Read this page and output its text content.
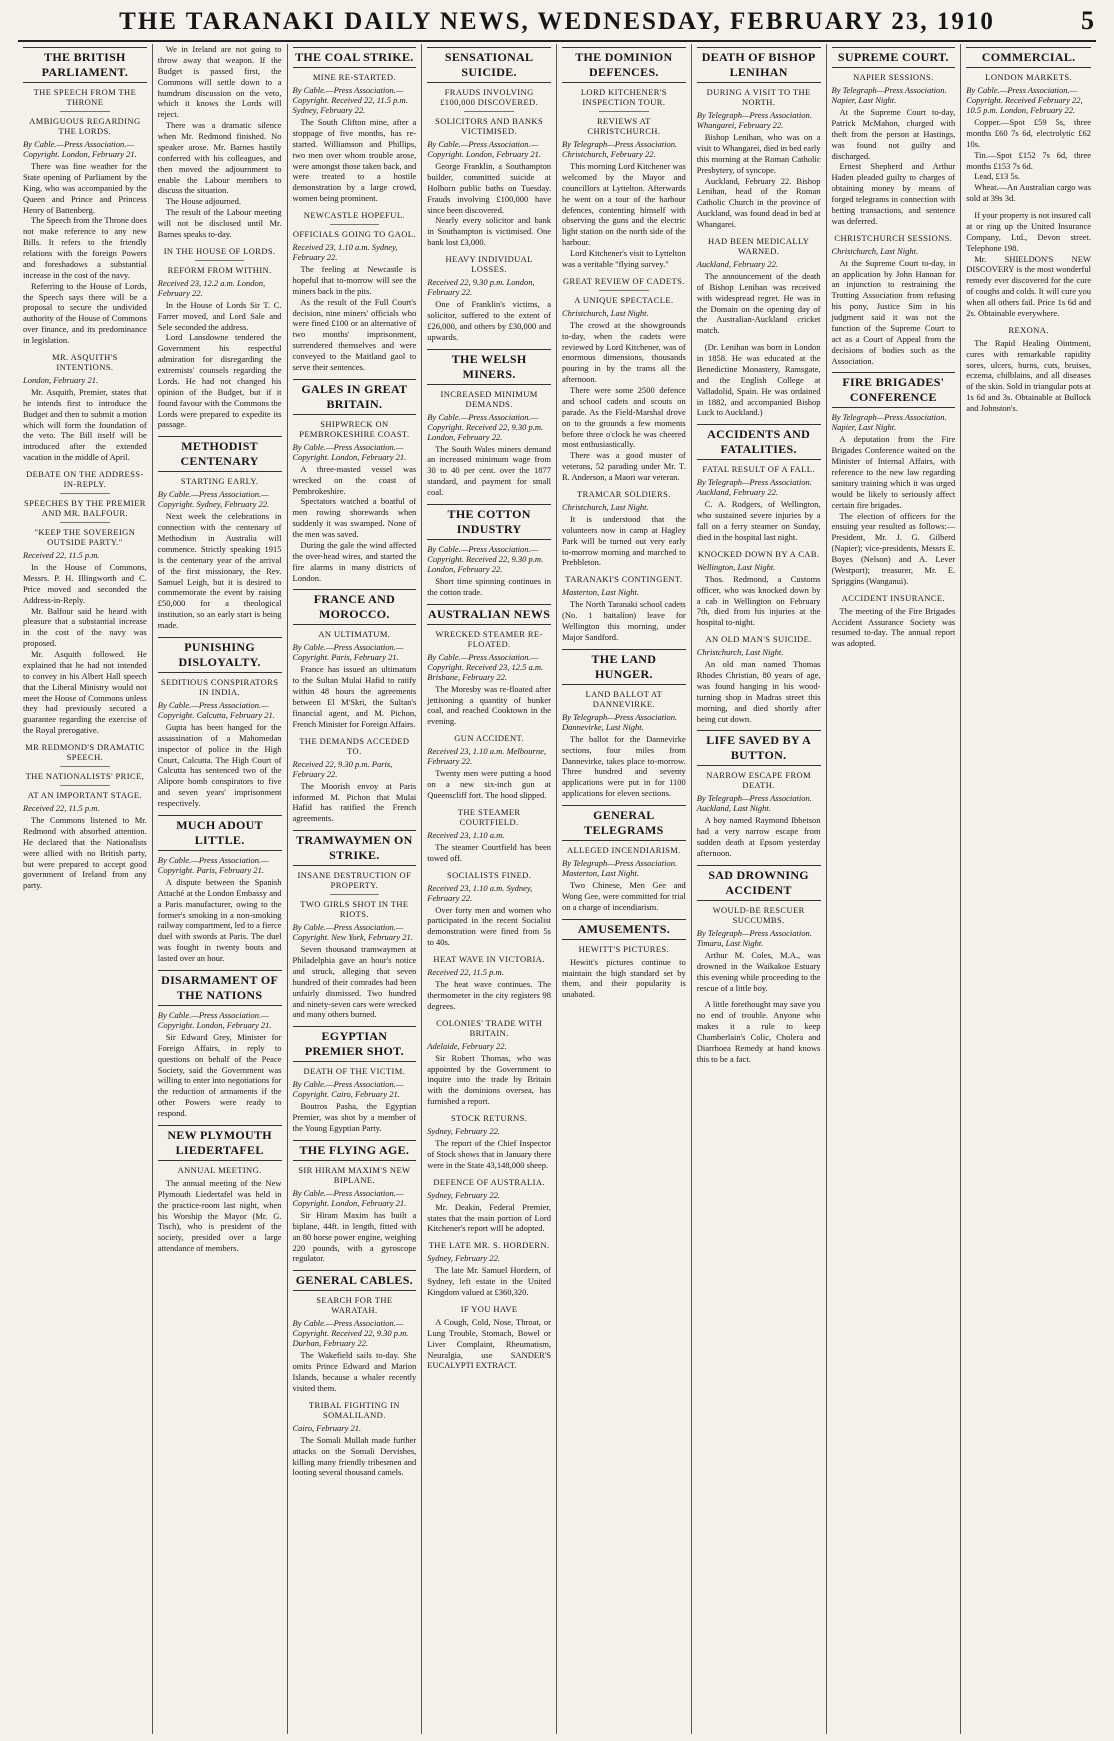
THE TARANAKI DAILY NEWS, WEDNESDAY, FEBRUARY 23, 1910	5
THE BRITISH PARLIAMENT.
THE SPEECH FROM THE THRONE
AMBIGUOUS REGARDING THE LORDS.
By Cable.—Press Association.—Copyright. London, February 21.

There was fine weather for the State opening of Parliament by the King, who was accompanied by the Queen and Prince and Princess Henry of Battenberg.

The Speech from the Throne does not make reference to any new Bills. It refers to the friendly relations with the foreign Powers and foreshadows a substantial increase in the cost of the navy.

Referring to the House of Lords, the Speech says there will be a proposal to secure the undivided authority of the House of Commons over finance, and its predominance in legislation.

MR. ASQUITH'S INTENTIONS.
London, February 21.

Mr. Asquith, Premier, states that he intends first to introduce the Budget and then to submit a motion which will form the foundation of the veto. The Bill itself will be introduced after the extended vacation in the middle of April.

DEBATE ON THE ADDRESS-IN-REPLY.
SPEECHES BY THE PREMIER AND MR. BALFOUR.
"KEEP THE SOVEREIGN OUTSIDE PARTY."
Received 22, 11.5 p.m.

In the House of Commons, Messrs. P. H. Illingworth and C. Price moved and seconded the Address-in-Reply.

Mr. Balfour said he heard with pleasure that a substantial increase in the cost of the navy was proposed.

Mr. Asquith followed. He explained that he had not intended to convey in his Albert Hall speech that the Liberal Ministry would not meet the House of Commons unless they had previously secured a guarantee regarding the exercise of the Royal prerogative.

MR REDMOND'S DRAMATIC SPEECH.
THE NATIONALISTS' PRICE,
AT AN IMPORTANT STAGE.
Received 22, 11.5 p.m.

The Commons listened to Mr. Redmond with absorbed attention. He declared that the Nationalists were allied with no British party, but were prepared to accept good government of Ireland from any party.

We in Ireland are not going to throw away that weapon. If the Budget is passed first, the Commons will settle down to a humdrum discussion on the veto, which it knows the Lords will reject.

There was a dramatic silence when Mr. Redmond finished. No speaker arose. Mr. Barnes hastily conferred with his colleagues, and then moved the adjournment to enable the Labour members to discuss the situation.

The House adjourned.

The result of the Labour meeting will not be disclosed until Mr. Barnes speaks to-day.

IN THE HOUSE OF LORDS.
REFORM FROM WITHIN.
Received 23, 12.2 a.m. London, February 22.

In the House of Lords Sir T. C. Farrer moved, and Lord Sale and Sele seconded the address.

Lord Lansdowne tendered the Government his respectful admiration for disregarding the extremists' counsels regarding the Lords. He had not changed his opinion of the Budget, but if it found favour with the Commons the Lords were prepared to expedite its passage.

METHODIST CENTENARY
STARTING EARLY.
By Cable.—Press Association.—Copyright. Sydney, February 22.

Next week the celebrations in connection with the centenary of Methodism in Australia will commence. Strictly speaking 1915 is the centenary year of the arrival of the first missionary, the Rev. Samuel Leigh, but it is desired to commemorate the event by raising £50,000 for a theological institution, so an early start is being made.

PUNISHING DISLOYALTY.
SEDITIOUS CONSPIRATORS IN INDIA.
By Cable.—Press Association.—Copyright. Calcutta, February 21.

Gupta has been hanged for the assassination of a Mahomedan inspector of police in the High Court, Calcutta. The High Court of Calcutta has sentenced two of the Alipore bomb conspirators to five and seven years' imprisonment respectively.

MUCH ADOUT LITTLE.
By Cable.—Press Association.—Copyright. Paris, February 21.

A dispute between the Spanish Attaché at the London Embassy and a Paris manufacturer, owing to the former's smoking in a non-smoking railway compartment, led to a fierce duel with swords at Paris. The duel was fought in twenty bouts and lasted over an hour.

DISARMAMENT OF THE NATIONS
By Cable.—Press Association.—Copyright. London, February 21.

Sir Edward Grey, Minister for Foreign Affairs, in reply to questions on behalf of the Peace Society, said the Government was willing to enter into negotiations for the reduction of armaments if the other Powers were ready to respond.

NEW PLYMOUTH LIEDERTAFEL
ANNUAL MEETING.

The annual meeting of the New Plymouth Liedertafel was held in the practice-room last night, when his Worship the Mayor (Mr. G. Tisch), who is president of the society, presided over a large attendance of members.

THE COAL STRIKE.
MINE RE-STARTED.
By Cable.—Press Association.—Copyright. Received 22, 11.5 p.m. Sydney, February 22.

The South Clifton mine, after a stoppage of five months, has re-started. Williamson and Phillips, two men over whom trouble arose, were amongst those taken back, and were treated to a hostile demonstration by a large crowd, women being prominent.

NEWCASTLE HOPEFUL.
OFFICIALS GOING TO GAOL.
Received 23, 1.10 a.m. Sydney, February 22.

The feeling at Newcastle is hopeful that to-morrow will see the miners back in the pits.

As the result of the Full Court's decision, nine miners' officials who were fined £100 or an alternative of two months' imprisonment, surrendered themselves and were conveyed to the Maitland gaol to serve their sentences.

GALES IN GREAT BRITAIN.
SHIPWRECK ON PEMBROKESHIRE COAST.
By Cable.—Press Association.—Copyright. London, February 21.

A three-masted vessel was wrecked on the coast of Pembrokeshire.

Spectators watched a boatful of men rowing shorewards when suddenly it was swamped. None of the men was saved.

During the gale the wind affected the over-head wires, and started the fire alarms in many districts of London.

FRANCE AND MOROCCO.
AN ULTIMATUM.
By Cable.—Press Association.—Copyright. Paris, February 21.

France has issued an ultimatum to the Sultan Mulai Hafid to ratify within 48 hours the agreements between El M'Skri, the Sultan's financial agent, and M. Pichon, French Minister for Foreign Affairs.

THE DEMANDS ACCEDED TO.
Received 22, 9.30 p.m. Paris, February 22.

The Moorish envoy at Paris informed M. Pichon that Mulai Hafid has ratified the French agreements.

TRAMWAYMEN ON STRIKE.
INSANE DESTRUCTION OF PROPERTY.
TWO GIRLS SHOT IN THE RIOTS.
By Cable.—Press Association.—Copyright. New York, February 21.

Seven thousand tramwaymen at Philadelphia gave an hour's notice and struck, alleging that seven hundred of their comrades had been unfairly dismissed. Two hundred and ninety-seven cars were wrecked and many others burned.

EGYPTIAN PREMIER SHOT.
DEATH OF THE VICTIM.
By Cable.—Press Association.—Copyright. Cairo, February 21.

Boutros Pasha, the Egyptian Premier, was shot by a member of the Young Egyptian Party.

THE FLYING AGE.
SIR HIRAM MAXIM'S NEW BIPLANE.
By Cable.—Press Association.—Copyright. London, February 21.

Sir Hiram Maxim has built a biplane, 44ft. in length, fitted with an 80 horse power engine, weighing 220 pounds, with a gyroscope regulator.

GENERAL CABLES.
SEARCH FOR THE WARATAH.
By Cable.—Press Association.—Copyright. Received 22, 9.30 p.m. Durban, February 22.

The Wakefield sails to-day. She omits Prince Edward and Marion Islands, because a whaler recently visited them.

TRIBAL FIGHTING IN SOMALILAND.
Cairo, February 21.

The Somali Mullah made further attacks on the Somali Dervishes, killing many friendly tribesmen and looting several thousand camels.

SENSATIONAL SUICIDE.
FRAUDS INVOLVING £100,000 DISCOVERED.
SOLICITORS AND BANKS VICTIMISED.
By Cable.—Press Association.—Copyright. London, February 21.

George Franklin, a Southampton builder, committed suicide at Holborn public baths on Tuesday. Frauds involving £100,000 have since been discovered.

Nearly every solicitor and bank in Southampton is victimised. One bank lost £3,000.

HEAVY INDIVIDUAL LOSSES.
Received 22, 9.30 p.m. London, February 22.

One of Franklin's victims, a solicitor, suffered to the extent of £26,000, and others by £30,000 and upwards.

THE WELSH MINERS.
INCREASED MINIMUM DEMANDS.
By Cable.—Press Association.—Copyright. Received 22, 9.30 p.m. London, February 22.

The South Wales miners demand an increased minimum wage from 30 to 40 per cent. over the 1877 standard, and payment for small coal.

THE COTTON INDUSTRY
By Cable.—Press Association.—Copyright. Received 22, 9.30 p.m. London, February 22.

Short time spinning continues in the cotton trade.

AUSTRALIAN NEWS
WRECKED STEAMER RE-FLOATED.
By Cable.—Press Association.—Copyright. Received 23, 12.5 a.m. Brisbane, February 22.

The Moresby was re-floated after jettisoning a quantity of bunker coal, and reached Cooktown in the evening.

GUN ACCIDENT.
Received 23, 1.10 a.m. Melbourne, February 22.

Twenty men were putting a hood on a new six-inch gun at Queenscliff fort. The hood slipped.

THE STEAMER COURTFIELD.
Received 23, 1.10 a.m.

The steamer Courtfield has been towed off.

SOCIALISTS FINED.
Received 23, 1.10 a.m. Sydney, February 22.

Over forty men and women who participated in the recent Socialist demonstration were fined from 5s to 40s.

HEAT WAVE IN VICTORIA.
Received 22, 11.5 p.m.

The heat wave continues. The thermometer in the city registers 98 degrees.

COLONIES' TRADE WITH BRITAIN.
Adelaide, February 22.

Sir Robert Thomas, who was appointed by the Government to inquire into the trade by Britain with the dominions oversea, has furnished a report.

STOCK RETURNS.
Sydney, February 22.

The report of the Chief Inspector of Stock shows that in January there were in the State 43,148,000 sheep.

DEFENCE OF AUSTRALIA.
Sydney, February 22.

Mr. Deakin, Federal Premier, states that the main portion of Lord Kitchener's report will be adopted.

THE LATE MR. S. HORDERN.
Sydney, February 22.

The late Mr. Samuel Hordern, of Sydney, left estate in the United Kingdom valued at £360,320.

IF YOU HAVE

A Cough, Cold, Nose, Throat, or Lung Trouble, Stomach, Bowel or Liver Complaint, Rheumatism, Neuralgia, use SANDER'S EUCALYPTI EXTRACT.

THE DOMINION DEFENCES.
LORD KITCHENER'S INSPECTION TOUR.
REVIEWS AT CHRISTCHURCH.
By Telegraph—Press Association. Christchurch, February 22.

This morning Lord Kitchener was welcomed by the Mayor and councillors at Lyttelton. Afterwards he went on a tour of the harbour defences, contenting himself with observing the guns and the electric light station on the north side of the harbour.

Lord Kitchener's visit to Lyttelton was a veritable "flying survey."

GREAT REVIEW OF CADETS.
A UNIQUE SPECTACLE.
Christchurch, Last Night.

The crowd at the showgrounds to-day, when the cadets were reviewed by Lord Kitchener, was of enormous dimensions, thousands pouring in by the trams all the afternoon.

There were some 2500 defence and school cadets and scouts on parade. As the Field-Marshal drove on to the grounds a few moments before three o'clock he was cheered most enthusiastically.

There was a good muster of veterans, 52 parading under Mr. T. R. Anderson, a Maori war veteran.

TRAMCAR SOLDIERS.
Christchurch, Last Night.

It is understood that the volunteers now in camp at Hagley Park will be turned out very early to-morrow morning and marched to Prebbleton.

TARANAKI'S CONTINGENT.
Masterton, Last Night.

The North Taranaki school cadets (No. 1 battalion) leave for Wellington this morning, under Major Sandford.

THE LAND HUNGER.
LAND BALLOT AT DANNEVIRKE.
By Telegraph—Press Association. Dannevirke, Last Night.

The ballot for the Dannevirke sections, four miles from Dannevirke, takes place to-morrow. Three hundred and seventy applications were put in for 1100 applications for eleven sections.

GENERAL TELEGRAMS
ALLEGED INCENDIARISM.
By Telegraph—Press Association. Masterton, Last Night.

Two Chinese, Men Gee and Wong Gee, were committed for trial on a charge of incendiarism.

AMUSEMENTS.
HEWITT'S PICTURES.

Hewitt's pictures continue to maintain the high standard set by them, and their popularity is unabated.

DEATH OF BISHOP LENIHAN
DURING A VISIT TO THE NORTH.
By Telegraph—Press Association. Whangarei, February 22.

Bishop Lenihan, who was on a visit to Whangarei, died in bed early this morning at the Roman Catholic Presbytery, of syncope.

Auckland, February 22. Bishop Lenihan, head of the Roman Catholic Church in the province of Auckland, was found dead in bed at Whangarei.

HAD BEEN MEDICALLY WARNED.
Auckland, February 22.

The announcement of the death of Bishop Lenihan was received with widespread regret. He was in the Domain on the opening day of the Australian-Auckland cricket match.

(Dr. Lenihan was born in London in 1858. He was educated at the Benedictine Monastery, Ramsgate, and the English College at Valladolid, Spain. He was ordained in 1882, and accompanied Bishop Luck to Auckland.)

ACCIDENTS AND FATALITIES.
FATAL RESULT OF A FALL.
By Telegraph—Press Association. Auckland, February 22.

C. A. Rodgers, of Wellington, who sustained severe injuries by a fall on a ferry steamer on Sunday, died in the hospital last night.

KNOCKED DOWN BY A CAB.
Wellington, Last Night.

Thos. Redmond, a Customs officer, who was knocked down by a cab in Wellington on February 7th, died from his injuries at the hospital to-night.

AN OLD MAN'S SUICIDE.
Christchurch, Last Night.

An old man named Thomas Rhodes Christian, 80 years of age, was found hanging in his wood-turning shop in Madras street this morning, and died shortly after being cut down.

LIFE SAVED BY A BUTTON.
NARROW ESCAPE FROM DEATH.
By Telegraph—Press Association. Auckland, Last Night.

A boy named Raymond Ibbetson had a very narrow escape from sudden death at Epsom yesterday afternoon.

SAD DROWNING ACCIDENT
WOULD-BE RESCUER SUCCUMBS.
By Telegraph—Press Association. Timaru, Last Night.

Arthur M. Coles, M.A., was drowned in the Waikakoe Estuary this evening while proceeding to the rescue of a little boy.

A little forethought may save you no end of trouble. Anyone who makes it a rule to keep Chamberlain's Colic, Cholera and Diarrhoea Remedy at hand knows this to be a fact.

SUPREME COURT.
NAPIER SESSIONS.
By Telegraph—Press Association. Napier, Last Night.

At the Supreme Court to-day, Patrick McMahon, charged with theft from the person at Hastings, was found not guilty and discharged.

Ernest Shepherd and Arthur Haden pleaded guilty to charges of obtaining money by means of forged telegrams in connection with betting transactions, and sentence was deferred.

CHRISTCHURCH SESSIONS.
Christchurch, Last Night.

At the Supreme Court to-day, in an application by John Hannan for an injunction to restraining the Trotting Association from refusing his pony, Justice Sim in his judgment said it was not the function of the Supreme Court to act as a Court of Appeal from the decisions of bodies such as the Association.

FIRE BRIGADES' CONFERENCE
By Telegraph—Press Association. Napier, Last Night.

A deputation from the Fire Brigades Conference waited on the Minister of Internal Affairs, with reference to the new law regarding sanitary training which it was urged would be likely to seriously affect certain fire brigades.

The election of officers for the ensuing year resulted as follows:—President, Mr. J. G. Gilberd (Napier); vice-presidents, Messrs E. Boyes (Nelson) and A. Lever (Westport); treasurer, Mr. E. Spriggins (Wanganui).

ACCIDENT INSURANCE.

The meeting of the Fire Brigades Accident Assurance Society was resumed to-day. The annual report was adopted.

COMMERCIAL.
LONDON MARKETS.
By Cable.—Press Association.—Copyright. Received February 22, 10.5 p.m. London, February 22.

Copper.—Spot £59 5s, three months £60 7s 6d, electrolytic £62 10s.

Tin.—Spot £152 7s 6d, three months £153 7s 6d.

Lead, £13 5s.

Wheat.—An Australian cargo was sold at 39s 3d.

If your property is not insured call at or ring up the United Insurance Company, Ltd., Devon street. Telephone 198.

Mr. SHIELDON'S NEW DISCOVERY is the most wonderful remedy ever discovered for the cure of coughs and colds. It will cure you when all others fail. Price 1s 6d and 2s. Obtainable everywhere.

REXONA.

The Rapid Healing Ointment, cures with remarkable rapidity sores, ulcers, burns, cuts, bruises, eczema, chilblains, and all diseases of the skin. Sold in triangular pots at 1s 6d and 3s. Obtainable at Bullock and Johnston's.
